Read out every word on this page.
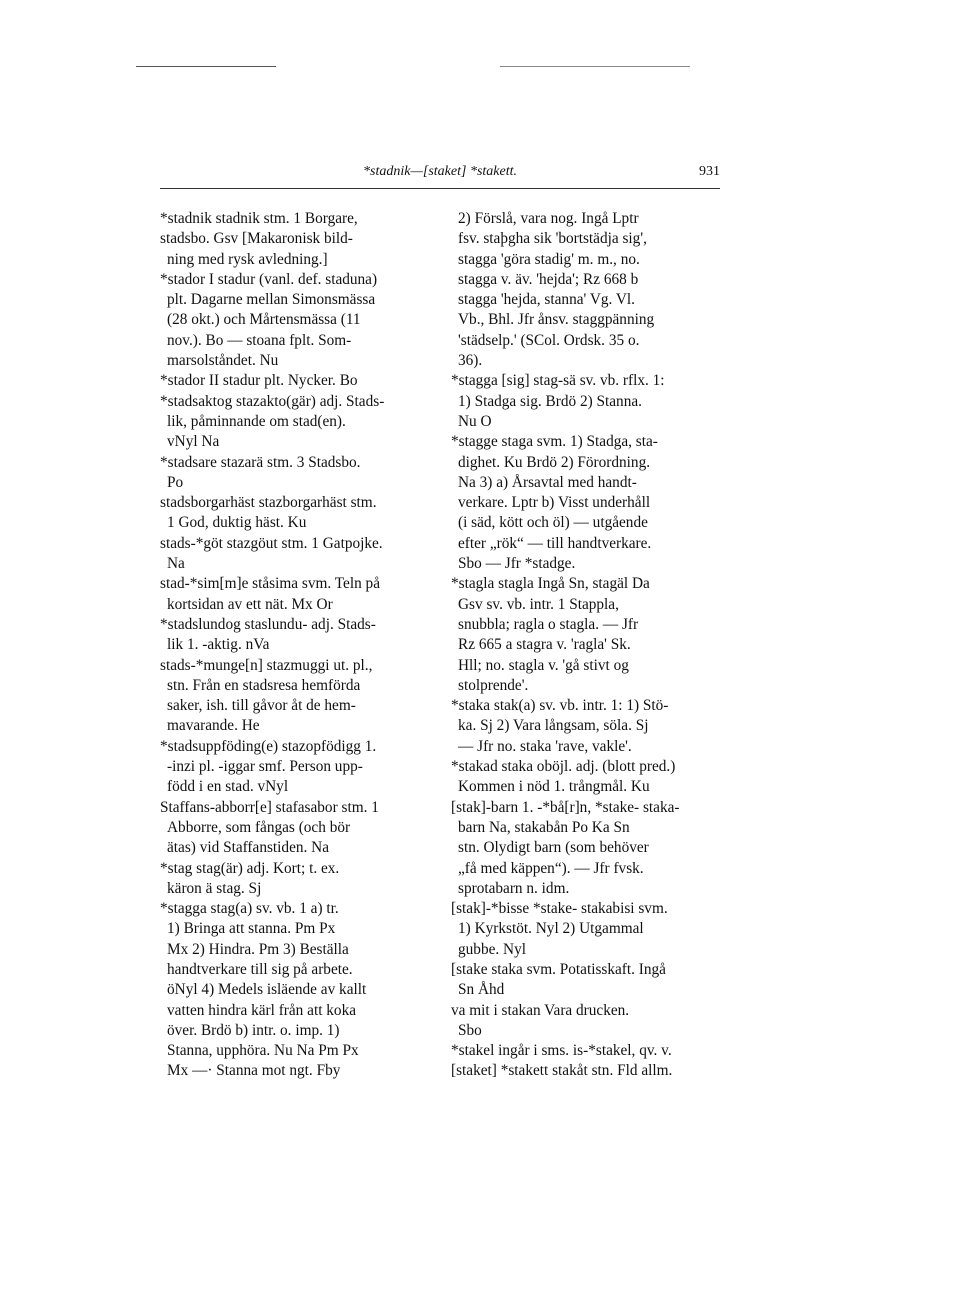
*stadnik—[staket] *stakett.	931
*stadnik stadnik stm. 1 Borgare,
stadsbo. Gsv [Makaronisk bild-
ning med rysk avledning.]
*stador I stadur (vanl. def. staduna)
plt. Dagarne mellan Simonsmässa
(28 okt.) och Mårtensmässa (11
nov.). Bo — stoana fplt. Som-
marsolståndet. Nu
*stador II stadur plt. Nycker. Bo
*stadsaktog stazakto(gär) adj. Stads-
lik, påminnande om stad(en).
vNyl Na
*stadsare stazarä stm. 3 Stadsbo.
Po
stadsborgarhäst stazborgarhäst stm.
1 God, duktig häst. Ku
stads-*göt stazgöut stm. 1 Gatpojke.
Na
stad-*sim[m]e ståsima svm. Teln på
kortsidan av ett nät. Mx Or
*stadslundog staslundu- adj. Stads-
lik 1. -aktig. nVa
stads-*munge[n] stazmuggi ut. pl.,
stn. Från en stadsresa hemförda
saker, ish. till gåvor åt de hem-
mavarande. He
*stadsuppföding(e) stazopfödigg 1.
-inzi pl. -iggar smf. Person upp-
född i en stad. vNyl
Staffans-abborr[e] stafasabor stm. 1
Abborre, som fångas (och bör
ätas) vid Staffanstiden. Na
*stag stag(är) adj. Kort; t. ex.
käron ä stag. Sj
*stagga stag(a) sv. vb. 1 a) tr.
1) Bringa att stanna. Pm Px
Mx 2) Hindra. Pm 3) Beställa
handtverkare till sig på arbete.
öNyl 4) Medels isläende av kallt
vatten hindra kärl från att koka
över. Brdö b) intr. o. imp. 1)
Stanna, upphöra. Nu Na Pm Px
Mx —· Stanna mot ngt. Fby
2) Förslå, vara nog. Ingå Lptr
fsv. staþgha sik 'bortstädja sig',
stagga 'göra stadig' m. m., no.
stagga v. äv. 'hejda'; Rz 668 b
stagga 'hejda, stanna' Vg. Vl.
Vb., Bhl. Jfr ånsv. staggpänning
'städselp.' (SCol. Ordsk. 35 o.
36).
*stagga [sig] stag-sä sv. vb. rflx. 1:
1) Stadga sig. Brdö 2) Stanna.
Nu O
*stagge staga svm. 1) Stadga, sta-
dighet. Ku Brdö 2) Förordning.
Na 3) a) Årsavtal med handt-
verkare. Lptr b) Visst underhåll
(i säd, kött och öl) — utgående
efter „rök“ — till handtverkare.
Sbo — Jfr *stadge.
*stagla stagla Ingå Sn, stagäl Da
Gsv sv. vb. intr. 1 Stappla,
snubbla; ragla o stagla. — Jfr
Rz 665 a stagra v. 'ragla' Sk.
Hll; no. stagla v. 'gå stivt og
stolprende'.
*staka stak(a) sv. vb. intr. 1: 1) Stö-
ka. Sj 2) Vara långsam, söla. Sj
— Jfr no. staka 'rave, vakle'.
*stakad staka oböjl. adj. (blott pred.)
Kommen i nöd 1. trångmål. Ku
[stak]-barn 1. -*bå[r]n, *stake- staka-
barn Na, stakabån Po Ka Sn
stn. Olydigt barn (som behöver
„få med käppen“). — Jfr fvsk.
sprotabarn n. idm.
[stak]-*bisse *stake- stakabisi svm.
1) Kyrkstöt. Nyl 2) Utgammal
gubbe. Nyl
[stake staka svm. Potatisskaft. Ingå
Sn Åhd
va mit i stakan Vara drucken.
Sbo
*stakel ingår i sms. is-*stakel, qv. v.
[staket] *stakett stakåt stn. Fld allm.
